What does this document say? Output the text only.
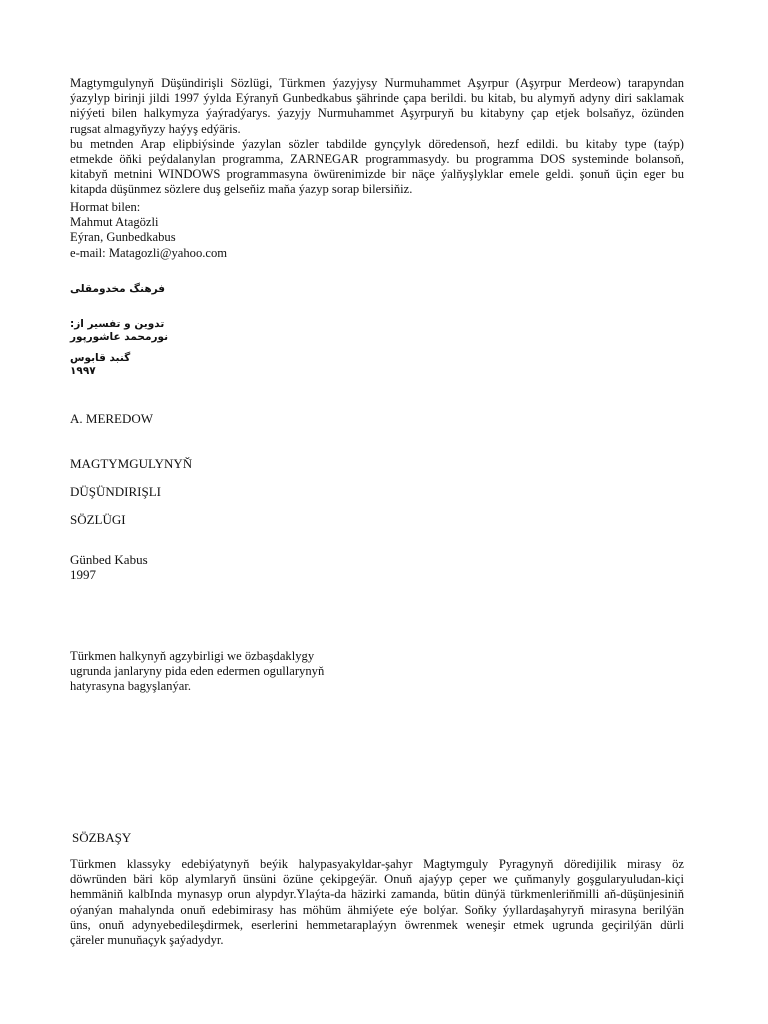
Magtymgulynyň Düşündirişli Sözlügi, Türkmen ýazyjysy Nurmuhammet Aşyrpur (Aşyrpur Merdeow) tarapyndan
ýazylyp birinji jildi 1997 ýylda Eýranyň Gunbedkabus şährinde çapa berildi. bu kitab, bu alymyň adyny diri saklamak
niýýeti bilen halkymyza ýaýradýarys. ýazyjy Nurmuhammet Aşyrpuryň bu kitabyny çap etjek bolsaňyz, özünden
rugsat almagyňyzy haýyş edýäris.
bu metnden Arap elipbiýsinde ýazylan sözler tabdilde gynçylyk döredensoň, hezf edildi. bu kitaby type (taýp)
etmekde öňki peýdalanylan programma, ZARNEGAR programmasydy. bu programma DOS systeminde bolansoň,
kitabyň metnini WINDOWS programmasyna öwürenimizde bir näçe ýalňyşlyklar emele geldi. şonuň üçin eger bu
kitapda düşünmez sözlere duş gelseňiz maňa ýazyp sorap bilersiňiz.
Hormat bilen:
Mahmut Atagözli
Eýran, Gunbedkabus
e-mail: Matagozli@yahoo.com
فرهنگ مخدومقلی
تدوین و تفسیر از:
نورمحمد عاشورپور
گنبد قابوس
۱۹۹۷
A. MEREDOW
MAGTYMGULYNYŇ
DÜŞÜNDIRIŞLI
SÖZLÜGI
Günbed Kabus
1997
Türkmen halkynyň agzybirligi we özbaşdaklygy
ugrunda janlaryny pida eden edermen ogullarynyň
hatyrasyna bagyşlanýar.
SÖZBAŞY
Türkmen klassyky edebiýatynyň beýik halypasyakyldar-şahyr Magtymguly Pyragynyň döredijilik mirasy öz
döwründen bäri köp alymlaryň ünsüni özüne çekipgeýär. Onuň ajaýyp çeper we çuňmanyly goşgularyuludan-kiçi
hemmäniň kalbInda mynasyp orun alypdyr.Ylaýta-da häzirki zamanda, bütin dünýä türkmenleriňmilli aň-düşünjesiniň
oýanýan mahalynda onuň edebimirasy has möhüm ähmiýete eýe bolýar. Soňky ýyllardaşahyryň mirasyna berilýän
üns, onuň adynyebedileşdirmek, eserlerini hemmetaraplaýyn öwrenmek weneşir etmek ugrunda geçirilýän dürli
çäreler munuňaçyk şaýadydyr.
